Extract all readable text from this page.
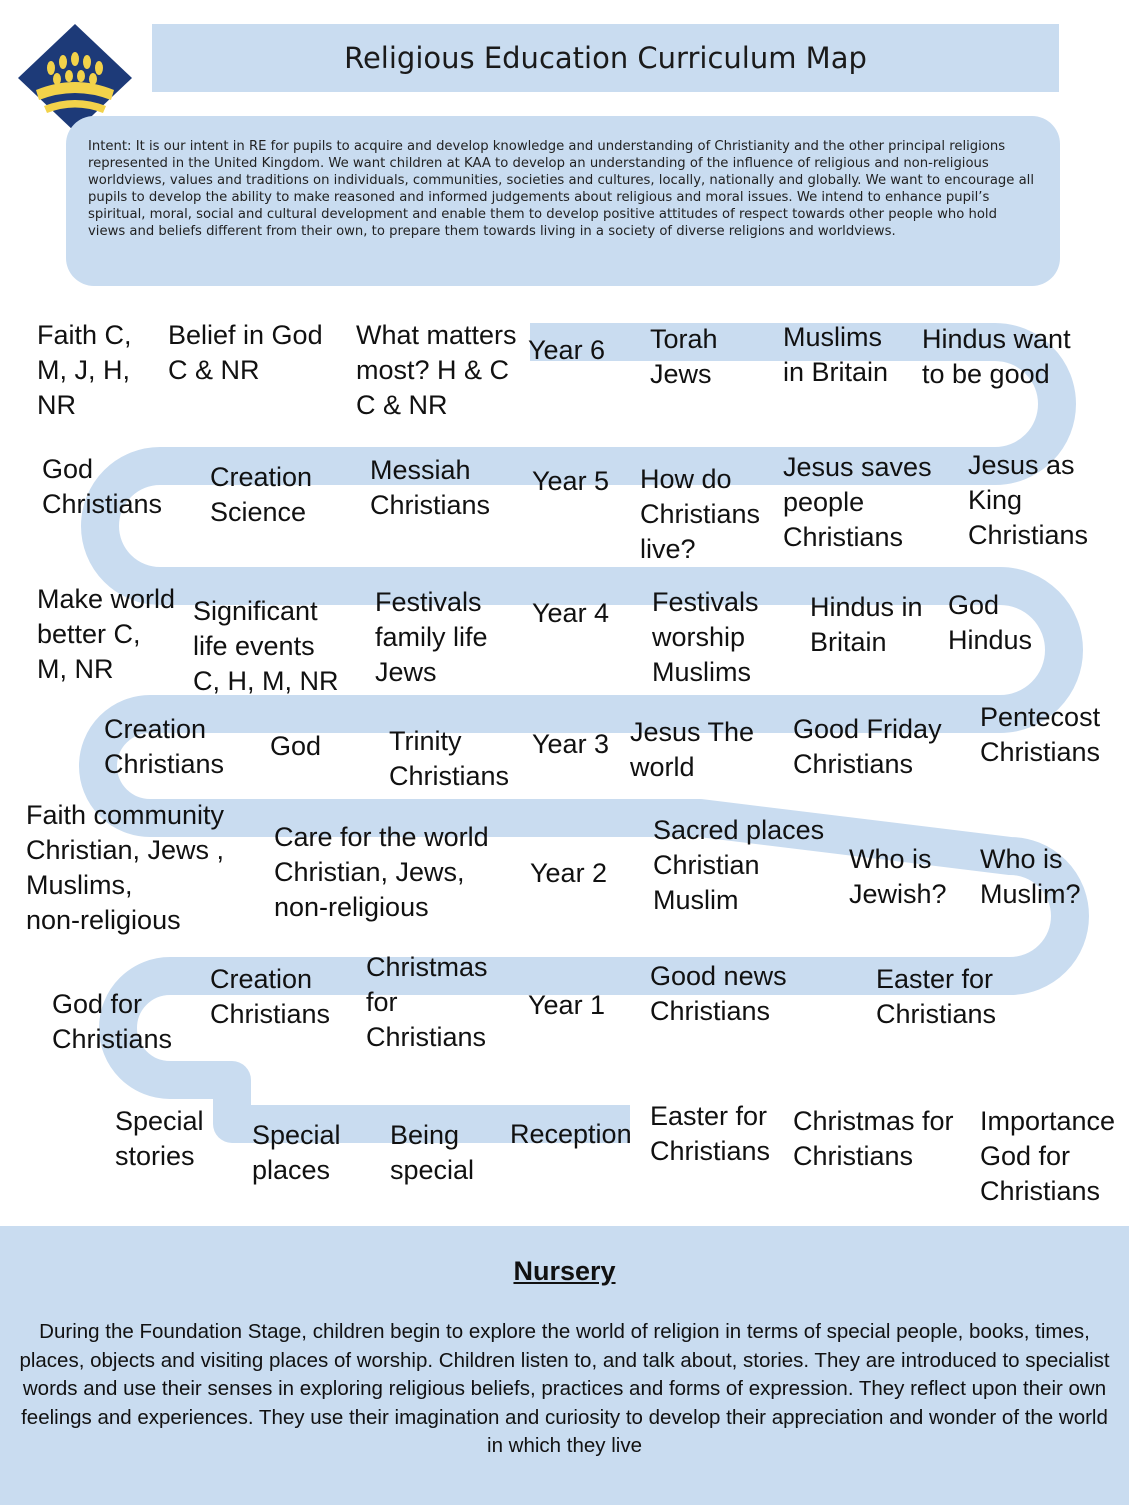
Religious Education Curriculum Map
Intent: It is our intent in RE for pupils to acquire and develop knowledge and understanding of Christianity and the other principal religions represented in the United Kingdom. We want children at KAA to develop an understanding of the influence of religious and non-religious worldviews, values and traditions on individuals, communities, societies and cultures, locally, nationally and globally. We want to encourage all pupils to develop the ability to make reasoned and informed judgements about religious and moral issues. We intend to enhance pupil’s spiritual, moral, social and cultural development and enable them to develop positive attitudes of respect towards other people who hold views and beliefs different from their own, to prepare them towards living in a society of diverse religions and worldviews.
Faith C,
M, J, H,
NR
Belief in God
C & NR
What matters
most? H & C
C & NR
Year 6 Torah
Jews
Muslims
in Britain
Hindus want
to be good
God
Christians
Creation
Science
Messiah
Christians
Year 5 How do
Christians
live?
Jesus saves
people
Christians
Jesus as
King
Christians
Make world
better C,
M, NR
Significant
life events
C, H, M, NR
Festivals
family life
Jews
Year 4 Festivals
worship
Muslims
Hindus in
Britain
God
Hindus
Creation
Christians
God	Trinity
Christians
Year 3 Jesus The
world
Good Friday
Christians
Pentecost
Christians
Faith community
Christian, Jews ,
Muslims,
non-religious
Care for the world
Christian, Jews,
non-religious
Year 2
Sacred places
Christian
Muslim
Who is
Jewish?
Who is
Muslim?
God for
Christians
Creation
Christians
Christmas
for
Christians
Year 1
Good news
Christians
Easter for
Christians
Special
stories
Special
places
Being
special
Reception
Easter for
Christians
Christmas for
Christians
Importance
God for
Christians
Nursery

During the Foundation Stage, children begin to explore the world of religion in terms of special people, books, times, places, objects and visiting places of worship. Children listen to, and talk about, stories. They are introduced to specialist words and use their senses in exploring religious beliefs, practices and forms of expression. They reflect upon their own feelings and experiences. They use their imagination and curiosity to develop their appreciation and wonder of the world in which they live
